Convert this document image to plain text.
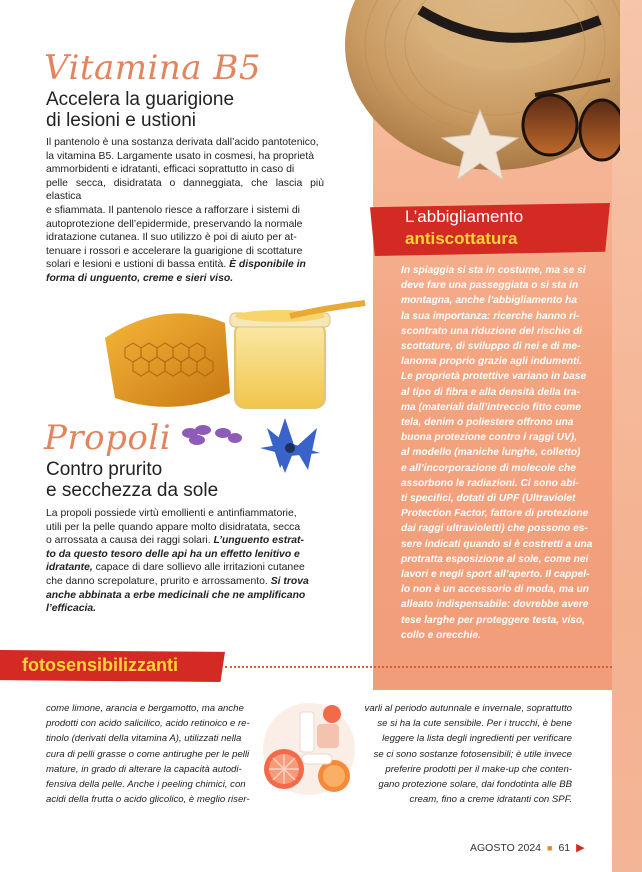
Vitamina B5
Accelera la guarigione
di lesioni e ustioni
Il pantenolo è una sostanza derivata dall’acido pantotenico,
la vitamina B5. Largamente usato in cosmesi, ha proprietà
ammorbidenti e idratanti, efficaci soprattutto in caso di
pelle secca, disidratata o danneggiata, che lascia più elastica
e sfiammata. Il pantenolo riesce a rafforzare i sistemi di
autoprotezione dell’epidermide, preservando la normale
idratazione cutanea. Il suo utilizzo è poi di aiuto per at-
tenuare i rossori e accelerare la guarigione di scottature
solari e lesioni e ustioni di bassa entità. È disponibile in
forma di unguento, creme e sieri viso.
Propoli
Contro prurito
e secchezza da sole
La propoli possiede virtù emollienti e antinfiammatorie,
utili per la pelle quando appare molto disidratata, secca
o arrossata a causa dei raggi solari. L’unguento estrat-
to da questo tesoro delle api ha un effetto lenitivo e
idratante, capace di dare sollievo alle irritazioni cutanee
che danno screpolature, prurito e arrossamento. Si trova
anche abbinata a erbe medicinali che ne amplificano
l’efficacia.
L’abbigliamento
antiscottatura
In spiaggia si sta in costume, ma se si
deve fare una passeggiata o si sta in
montagna, anche l’abbigliamento ha
la sua importanza: ricerche hanno ri-
scontrato una riduzione del rischio di
scottature, di sviluppo di nei e di me-
lanoma proprio grazie agli indumenti.
Le proprietà protettive variano in base
al tipo di fibra e alla densità della tra-
ma (materiali dall’intreccio fitto come
tela, denim o poliestere offrono una
buona protezione contro i raggi UV),
al modello (maniche lunghe, colletto)
e all’incorporazione di molecole che
assorbono le radiazioni. Ci sono abi-
ti specifici, dotati di UPF (Ultraviolet
Protection Factor, fattore di protezione
dai raggi ultravioletti) che possono es-
sere indicati quando si è costretti a una
protratta esposizione al sole, come nei
lavori e negli sport all’aperto. Il cappel-
lo non è un accessorio di moda, ma un
alleato indispensabile: dovrebbe avere
tese larghe per proteggere testa, viso,
collo e orecchie.
fotosensibilizzanti
come limone, arancia e bergamotto, ma anche
prodotti con acido salicilico, acido retinoico e re-
tinolo (derivati della vitamina A), utilizzati nella
cura di pelli grasse o come antirughe per le pelli
mature, in grado di alterare la capacità autodi-
fensiva della pelle. Anche i peeling chimici, con
acidi della frutta o acido glicolico, è meglio riser-
varli al periodo autunnale e invernale, soprattutto
se si ha la cute sensibile. Per i trucchi, è bene
leggere la lista degli ingredienti per verificare
se ci sono sostanze fotosensibili; è utile invece
preferire prodotti per il make-up che conten-
gano protezione solare, dai fondotinta alle BB
cream, fino a creme idratanti con SPF.
AGOSTO 2024 ■ 61 ▶
